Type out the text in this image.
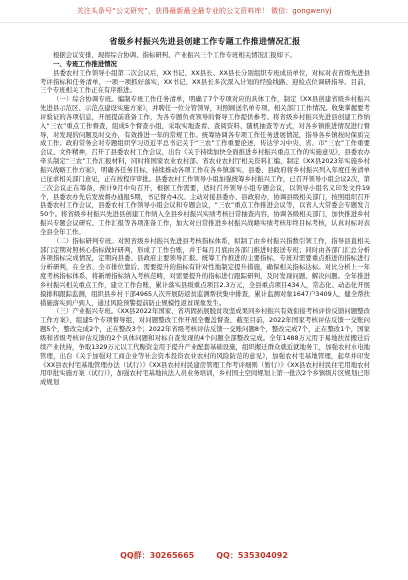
关注头条号“公文研究”，获得最新最全最专业的公文资料库！ 微信：gongwenyj
省级乡村振兴先进县创建工作专题工作推进情况汇报

根据会议安排，现将综合协调、指标研判、产业振兴三个工作专班相关情况汇报如下。

一、专班工作推进情况

县委农村工作领导小组第二次会议后，XX书记、XX县长、XX县长分别组织专班成员单位，对标对表省级先进县考评指标和任务清单，一项一项抓好落实，XX书记、XX县长多次深入计划的经验线路、迎检点位调研指导。目前，三个专班相关工作正在有序推进。

（一）综合协调专班。编制专班工作任务清单，明确了7个专项对应的具体工作，制定《XX县创建省级乡村振兴先进县示范区、示范点建设实施方案》，并聘任一位分管领导，对照顾送名单专项、相关部门工作情况。收集掌握要考评验证的各项信息，开展提前准备工作，为各专题负责领导的督导工作提供参考。将省级乡村振兴先进县创建工作纳入“三农”重点工作督查，组成5个督查小组，采取实地查看、查阅资料、随机抽查等方式，对各乡镇推进情况进行督导，对发现的问题及时交办，有效推进一年的常规工作。统筹协调各专项工作任务进展情况，指导各乡镇按时保质完成工作；政府常务会对专题组织学习迈近平总书记关于“三农”工作重要论述，传达学习中央、省、市“三农”工作重要会议、文件精神，召开了县委农村工作会议，出台《关于持续加快全面推进乡村振兴重点工作的实施意见》，县委农办牵头制定“三农”工作汇报材料，同时将国家农业农村部、省农业农村厅相关资料汇编，制定《XX县2023年实施乡村振兴战略工作方案》，明确各任务目标，持续推动各项工作在各乡镇落实，县委、县政府将乡村振兴列入年度任务清单已征求相关部门意见，正在按程序审批。县委农村工作领导小组加强统筹乡村振兴工作，已召开领导小组会议2次，第三次会议正在筹备，预计9月中旬召开，根据工作需要，适时召开领导小组专题会议，以领导小组名义印发文件19个，县委农办先后发放督办通报5期，书记督办4次。主动对接县委办、县政府办，协调县级相关部门，按照组织召开县委农村工作会议，县委农村工作领导小组会议和专题会议，“三农”重点工作推进会议等，以省人大常委会专题发言50个。将省级乡村振兴先进县创建工作纳入全县乡村振兴实绩考核日常抽查内容，协调各级相关部门，加快推进乡村振兴专题会议研究、工作汇报等各项准备工作，加大对日常推进乡村振兴战略实绩考核年终目标考核，认真对标对表全县全年工作。

（二）指标研判专班。对照省级乡村振兴先进县考核指标体系，拟制了由乡村振兴指数引领工作，指导县直相关部门定期对照核心指标做好研判，形成了工作台账，并于每月月底由各部门推进时报送专班；同时由各部门汇总分析各项指标完成情况，定期向县委、县政府主要领导汇报。统筹工作推进的主要指标，专班对需要重点推进的指标进行分析研判，在全省、全市排位靠后、需要提升的指标有针对性地制定提升措施，确保相关指标达标。对比分析上一年度考核指标体系，将新增指标纳入考核范畴，对需要提升的指标进行跟踪研判，及时发现问题、解决问题。全年推进乡村振兴相关重点工作，建立工作台账，累计落实县级重点项目2.3万元，全县重点项目434人，常态化、动态化开展摸排和跟踪监测，组织县乡村干部4965人次开展防返贫监测帮扶集中排查，累计监测对象1647户3409人，健全帮扶措施落实到户到人，通过风险预警提前防止规模性返贫现象发生。

（三）产业振兴专班。《XX县2022年国家、省巩固拓展脱贫攻坚成果同乡村振兴有效衔接考核评价反馈问题整改工作方案》，组建5个专项督导组，对问题整改工作开展全覆盖督查，截至目前，2022年国家考核评估反馈一交账问题5个，整改完成2个，正在整改3个；2022年省级考核评估反馈一交账问题8个，整改完成7个，正在整改1个，国家级和省级考核评估反馈的2个具体问题和对标自查发现的4个问题全部整改完成。全年1488万元用于易地扶贫搬迁后续产业扶持，争取1329万元以工代赈资金用于提升产业配套基础设施，组织搬迁群众就近就地务工，加强农村水电地管理，出台《关于加强对工商企业等社会资本投资农业农村的风险防范的意见》，加强农村宅基地管理，起草并印发《XX县农村宅基地管理办法（试行）》《XX县农村村民建房管理工作考评细则（暂行）》《XX县农村村民住宅用地农村用审批实施方案（试行）》，加强农村宅基地执法人员业务培训，乡村国土空间规划上第一批次2个乡镇级片区规划已形成规划

QQ群：30265665	QQ：535304092
